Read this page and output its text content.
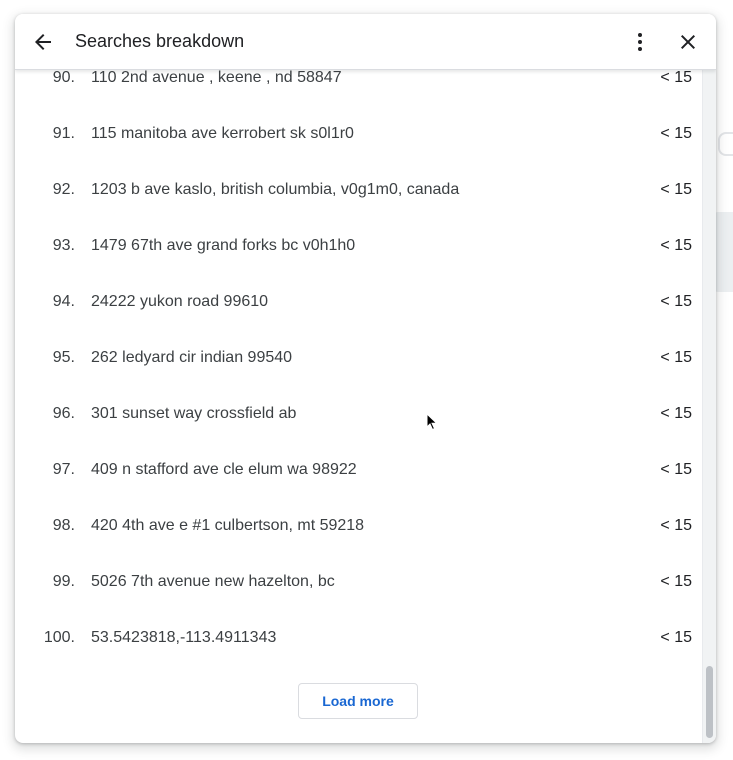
Searches breakdown
90. 110 2nd avenue , keene , nd 58847	< 15
91. 115 manitoba ave kerrobert sk s0l1r0	< 15
92. 1203 b ave kaslo, british columbia, v0g1m0, canada	< 15
93. 1479 67th ave grand forks bc v0h1h0	< 15
94. 24222 yukon road 99610	< 15
95. 262 ledyard cir indian 99540	< 15
96. 301 sunset way crossfield ab	< 15
97. 409 n stafford ave cle elum wa 98922	< 15
98. 420 4th ave e #1 culbertson, mt 59218	< 15
99. 5026 7th avenue new hazelton, bc	< 15
100. 53.5423818,-113.4911343	< 15
Load more
